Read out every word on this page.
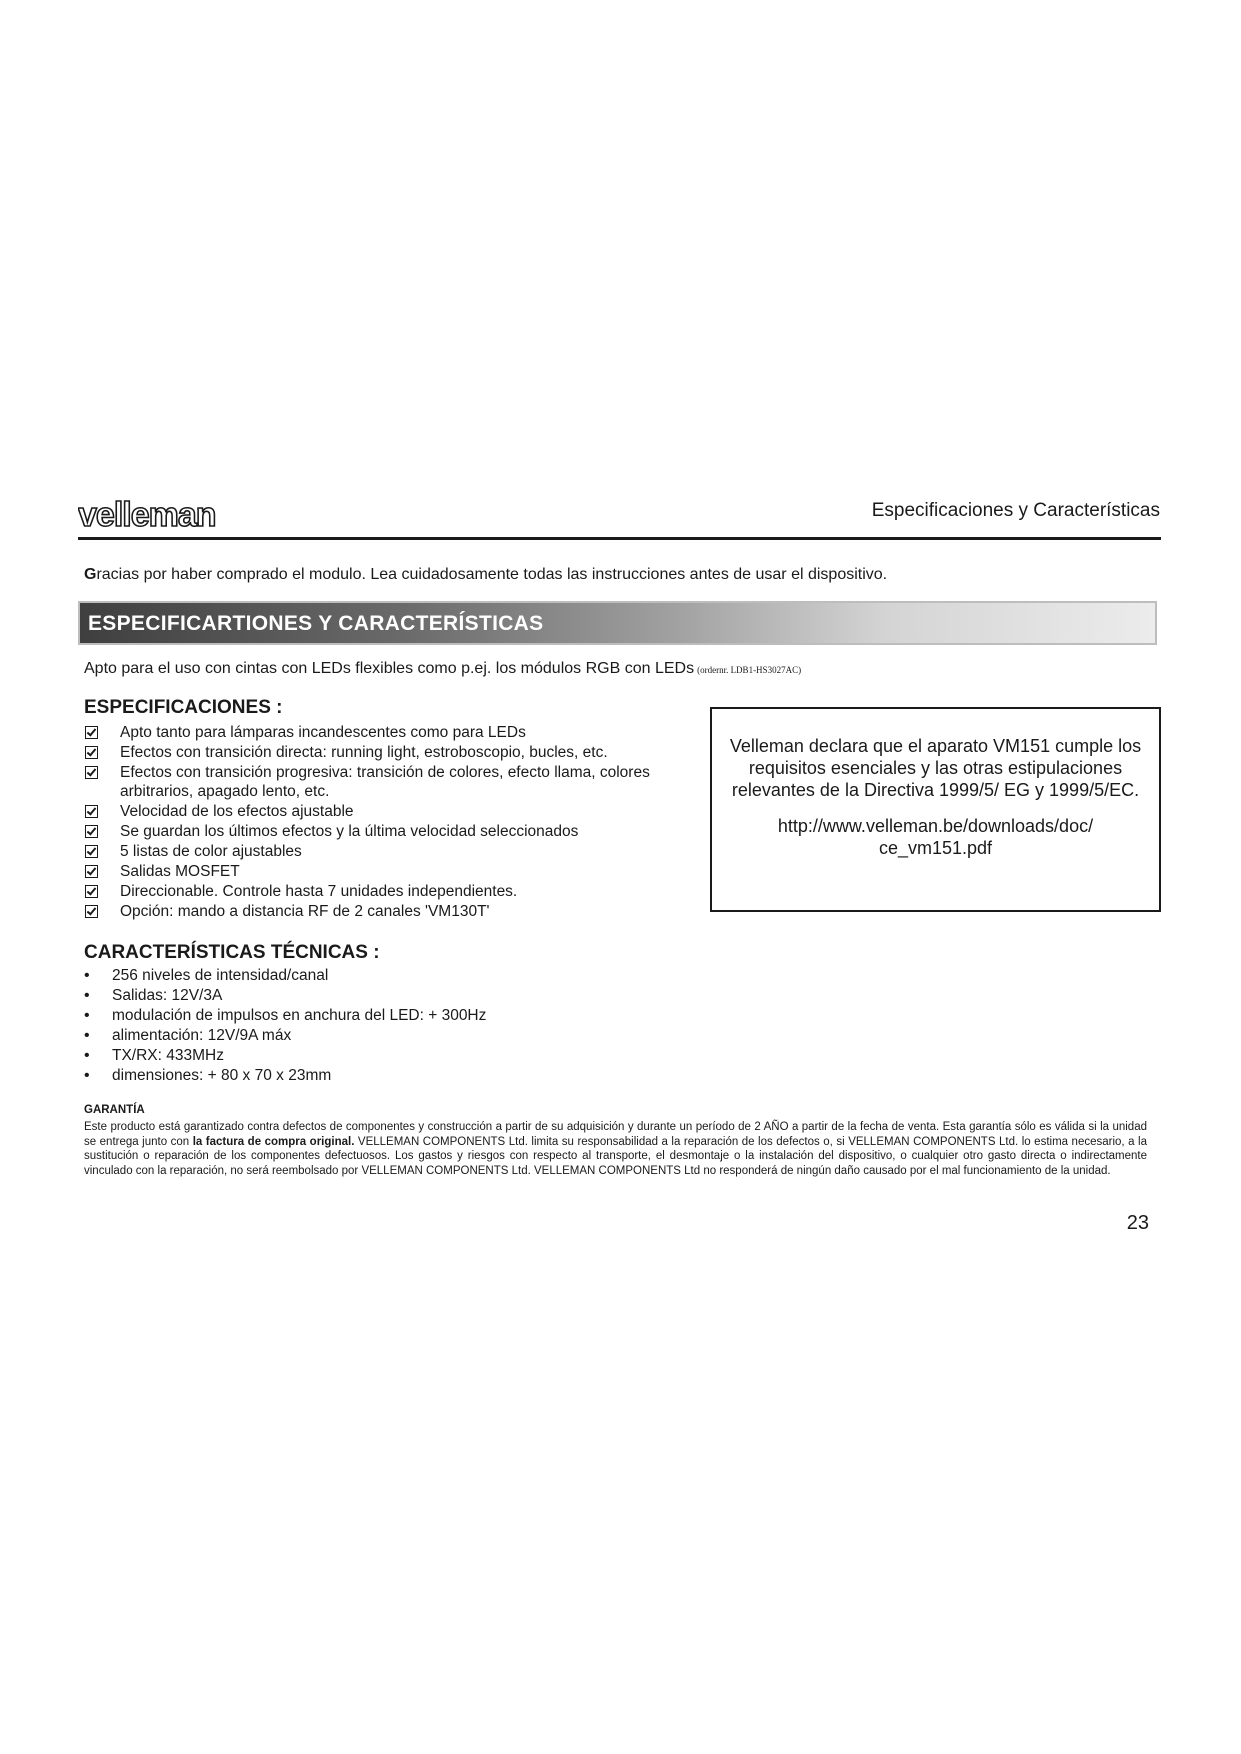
velleman	Especificaciones y Características
Gracias por haber comprado el modulo. Lea cuidadosamente todas las instrucciones antes de usar el dispositivo.
ESPECIFICARTIONES Y CARACTERÍSTICAS
Apto para el uso con cintas con LEDs flexibles como p.ej. los módulos RGB con LEDs (ordernr. LDB1-HS3027AC)
ESPECIFICACIONES :
Apto tanto para lámparas incandescentes como para LEDs
Efectos con transición directa: running light, estroboscopio, bucles, etc.
Efectos con transición progresiva: transición de colores, efecto llama, colores arbitrarios, apagado lento, etc.
Velocidad de los efectos ajustable
Se guardan los últimos efectos y la última velocidad seleccionados
5 listas de color ajustables
Salidas MOSFET
Direccionable. Controle hasta 7 unidades independientes.
Opción: mando a distancia RF de 2 canales 'VM130T'
CARACTERÍSTICAS TÉCNICAS :
• 256 niveles de intensidad/canal
• Salidas: 12V/3A
• modulación de impulsos en anchura del LED: + 300Hz
• alimentación: 12V/9A máx
• TX/RX: 433MHz
• dimensiones: + 80 x 70 x 23mm

Velleman declara que el aparato VM151 cumple los requisitos esenciales y las otras estipulaciones relevantes de la Directiva 1999/5/ EG y 1999/5/EC.

http://www.velleman.be/downloads/doc/
ce_vm151.pdf

GARANTÍA

Este producto está garantizado contra defectos de componentes y construcción a partir de su adquisición y durante un período de 2 AÑO a partir de la fecha de venta. Esta garantía sólo es válida si la unidad se entrega junto con la factura de compra original. VELLEMAN COMPONENTS Ltd. limita su responsabilidad a la reparación de los defectos o, si VELLEMAN COMPONENTS Ltd. lo estima necesario, a la sustitución o reparación de los componentes defectuosos. Los gastos y riesgos con respecto al transporte, el desmontaje o la instalación del dispositivo, o cualquier otro gasto directa o indirectamente vinculado con la reparación, no será reembolsado por VELLEMAN COMPONENTS Ltd. VELLEMAN COMPONENTS Ltd no responderá de ningún daño causado por el mal funcionamiento de la unidad.

23
